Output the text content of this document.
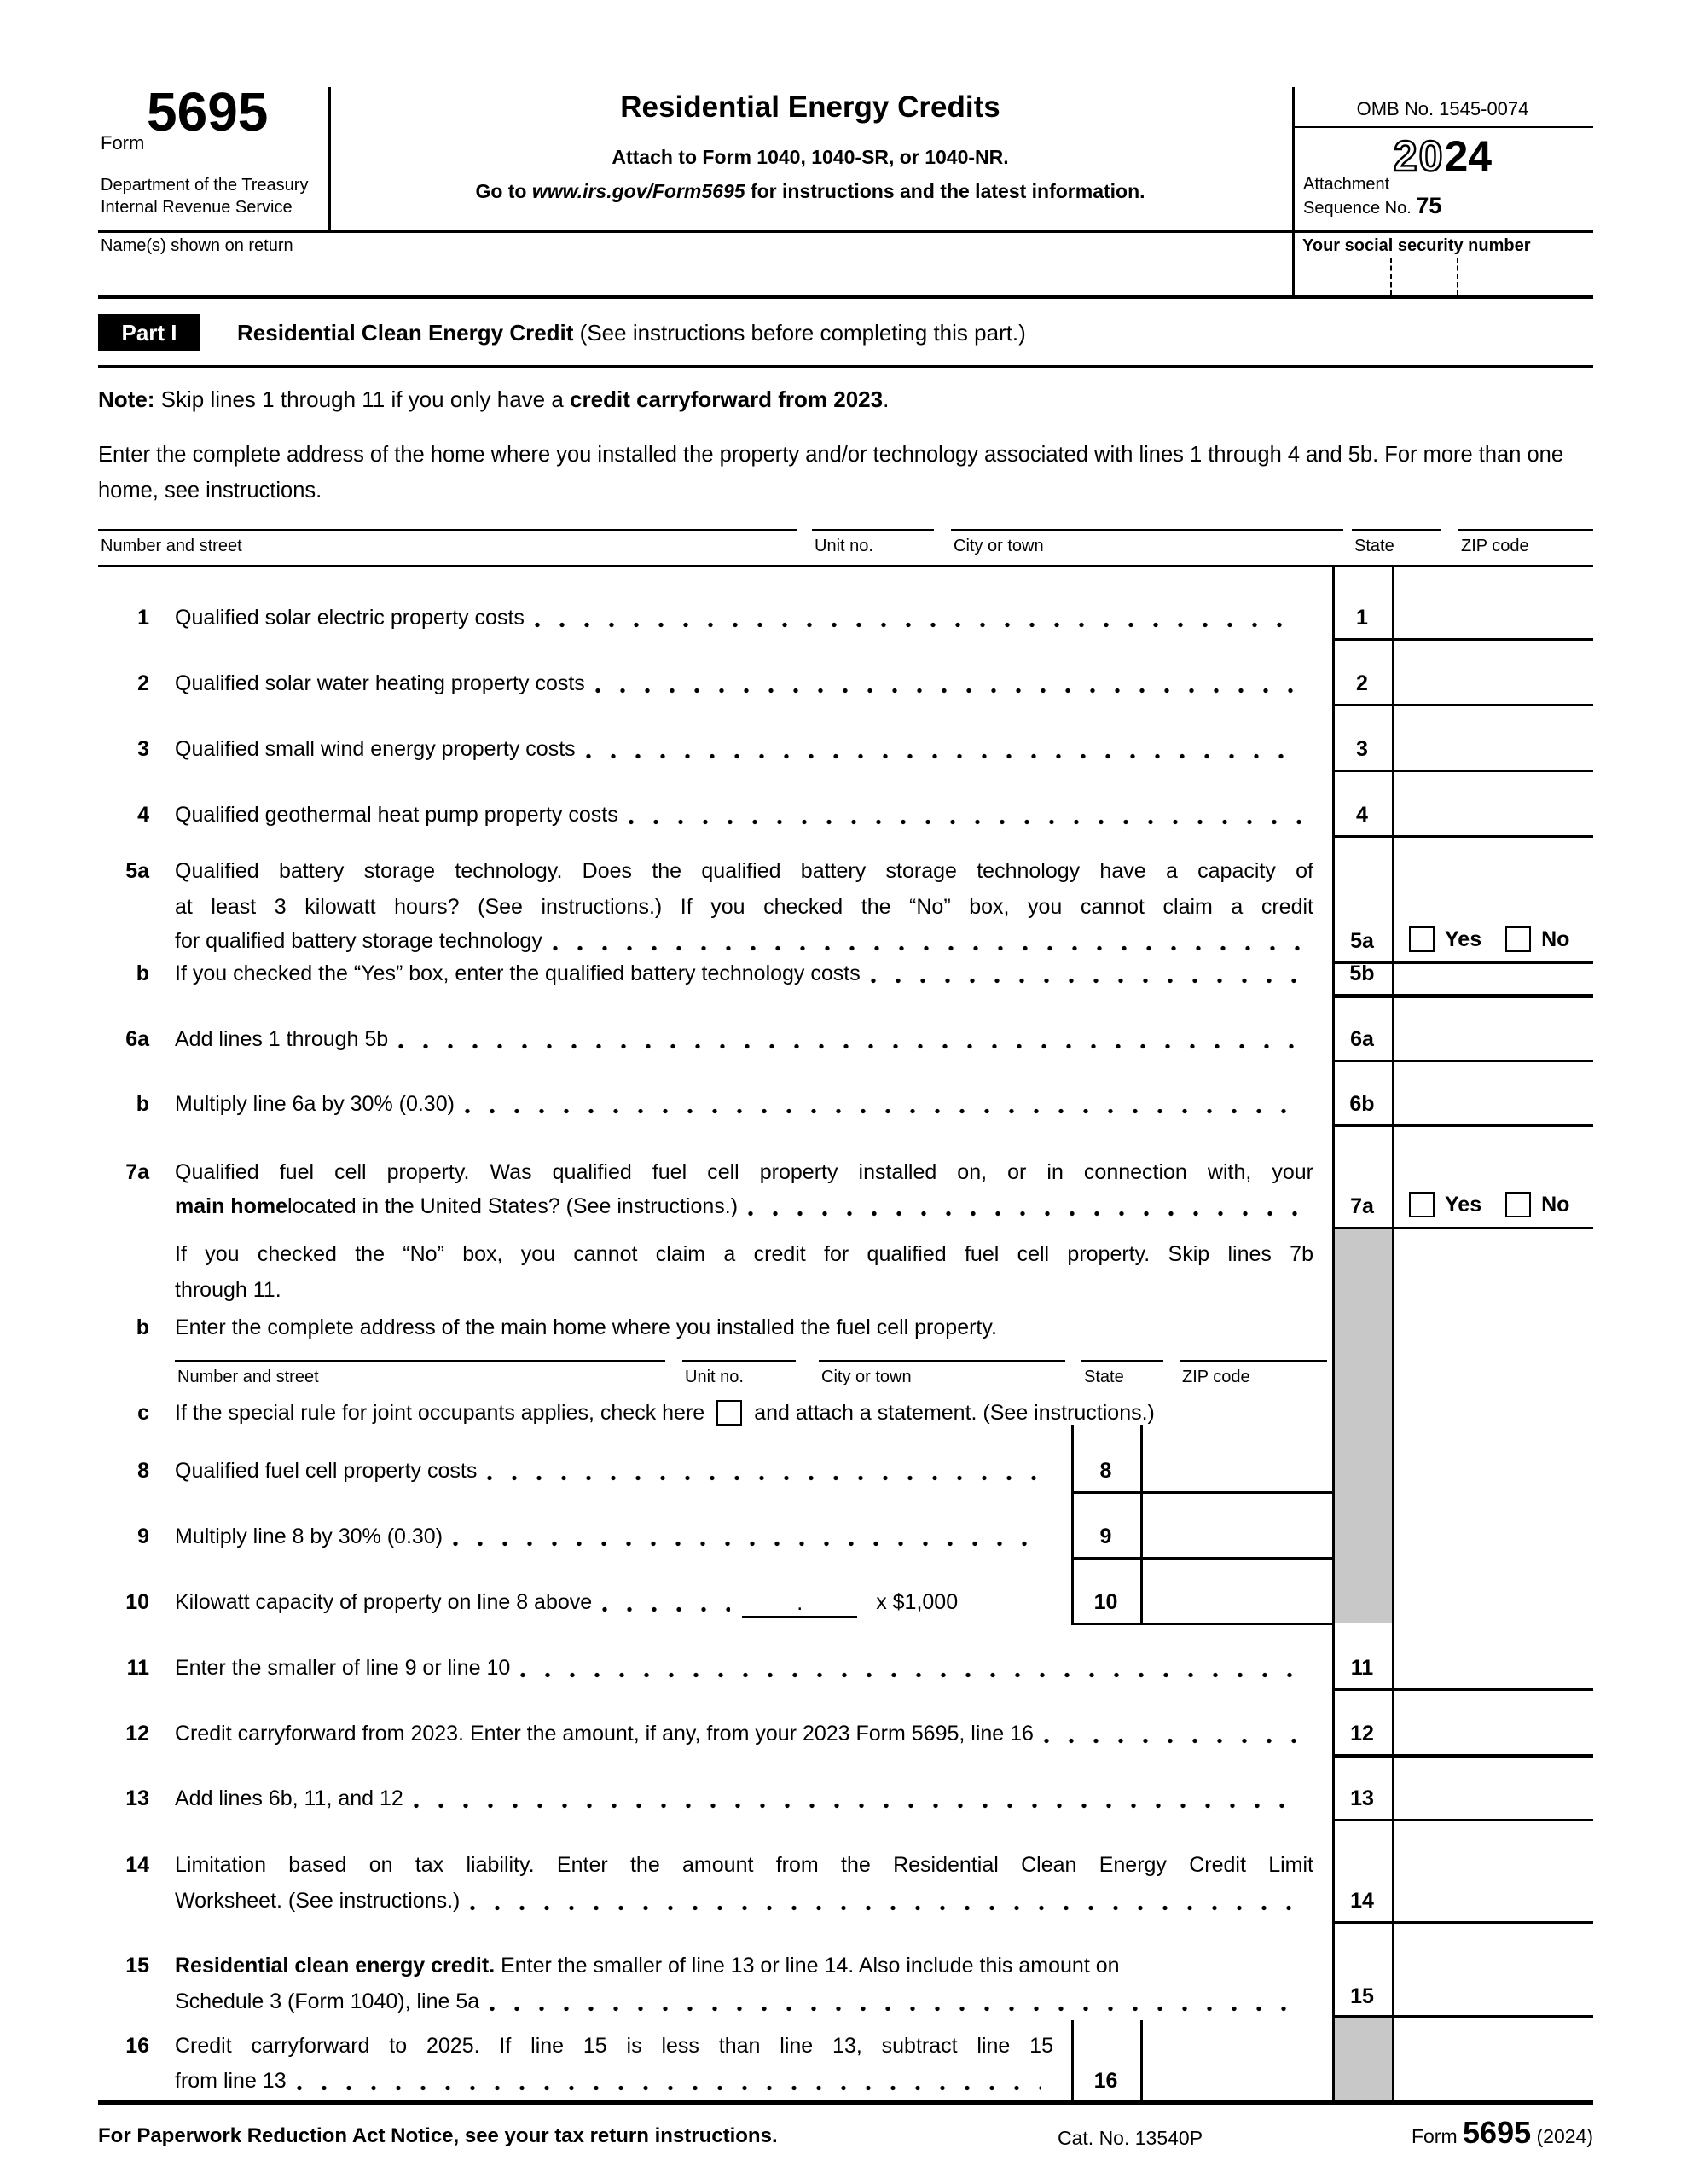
Form
5695
Department of the Treasury
Internal Revenue Service
Residential Energy Credits
Attach to Form 1040, 1040-SR, or 1040-NR.
Go to www.irs.gov/Form5695 for instructions and the latest information.
OMB No. 1545-0074
2024
Attachment
Sequence No. 75
Name(s) shown on return	Your social security number
Part I	Residential Clean Energy Credit (See instructions before completing this part.)
Note: Skip lines 1 through 11 if you only have a credit carryforward from 2023.
Enter the complete address of the home where you installed the property and/or technology associated with lines 1 through 4 and 5b. For more than one home, see instructions.
Number and street	Unit no.	City or town	State	ZIP code
1 Qualified solar electric property costs	1
2 Qualified solar water heating property costs	2
3 Qualified small wind energy property costs	3
4 Qualified geothermal heat pump property costs	4
5a Qualified battery storage technology. Does the qualified battery storage technology have a capacity of
at least 3 kilowatt hours? (See instructions.) If you checked the “No” box, you cannot claim a credit
for qualified battery storage technology	5a	Yes	No
b If you checked the “Yes” box, enter the qualified battery technology costs	5b
6a Add lines 1 through 5b	6a
b Multiply line 6a by 30% (0.30)	6b
7a Qualified fuel cell property. Was qualified fuel cell property installed on, or in connection with, your
main home located in the United States? (See instructions.)	7a	Yes	No
If you checked the “No” box, you cannot claim a credit for qualified fuel cell property. Skip lines 7b
through 11.
b Enter the complete address of the main home where you installed the fuel cell property.
Number and street	Unit no.	City or town	State	ZIP code
c If the special rule for joint occupants applies, check here and attach a statement. (See instructions.)
8 Qualified fuel cell property costs	8
9 Multiply line 8 by 30% (0.30)	9
10 Kilowatt capacity of property on line 8 above	.	x $1,000	10
11 Enter the smaller of line 9 or line 10	11
12 Credit carryforward from 2023. Enter the amount, if any, from your 2023 Form 5695, line 16	12
13 Add lines 6b, 11, and 12	13
14 Limitation based on tax liability. Enter the amount from the Residential Clean Energy Credit Limit
Worksheet. (See instructions.)	14
15 Residential clean energy credit. Enter the smaller of line 13 or line 14. Also include this amount on
Schedule 3 (Form 1040), line 5a	15
16 Credit carryforward to 2025. If line 15 is less than line 13, subtract line 15
from line 13	16
For Paperwork Reduction Act Notice, see your tax return instructions.	Cat. No. 13540P	Form 5695 (2024)
